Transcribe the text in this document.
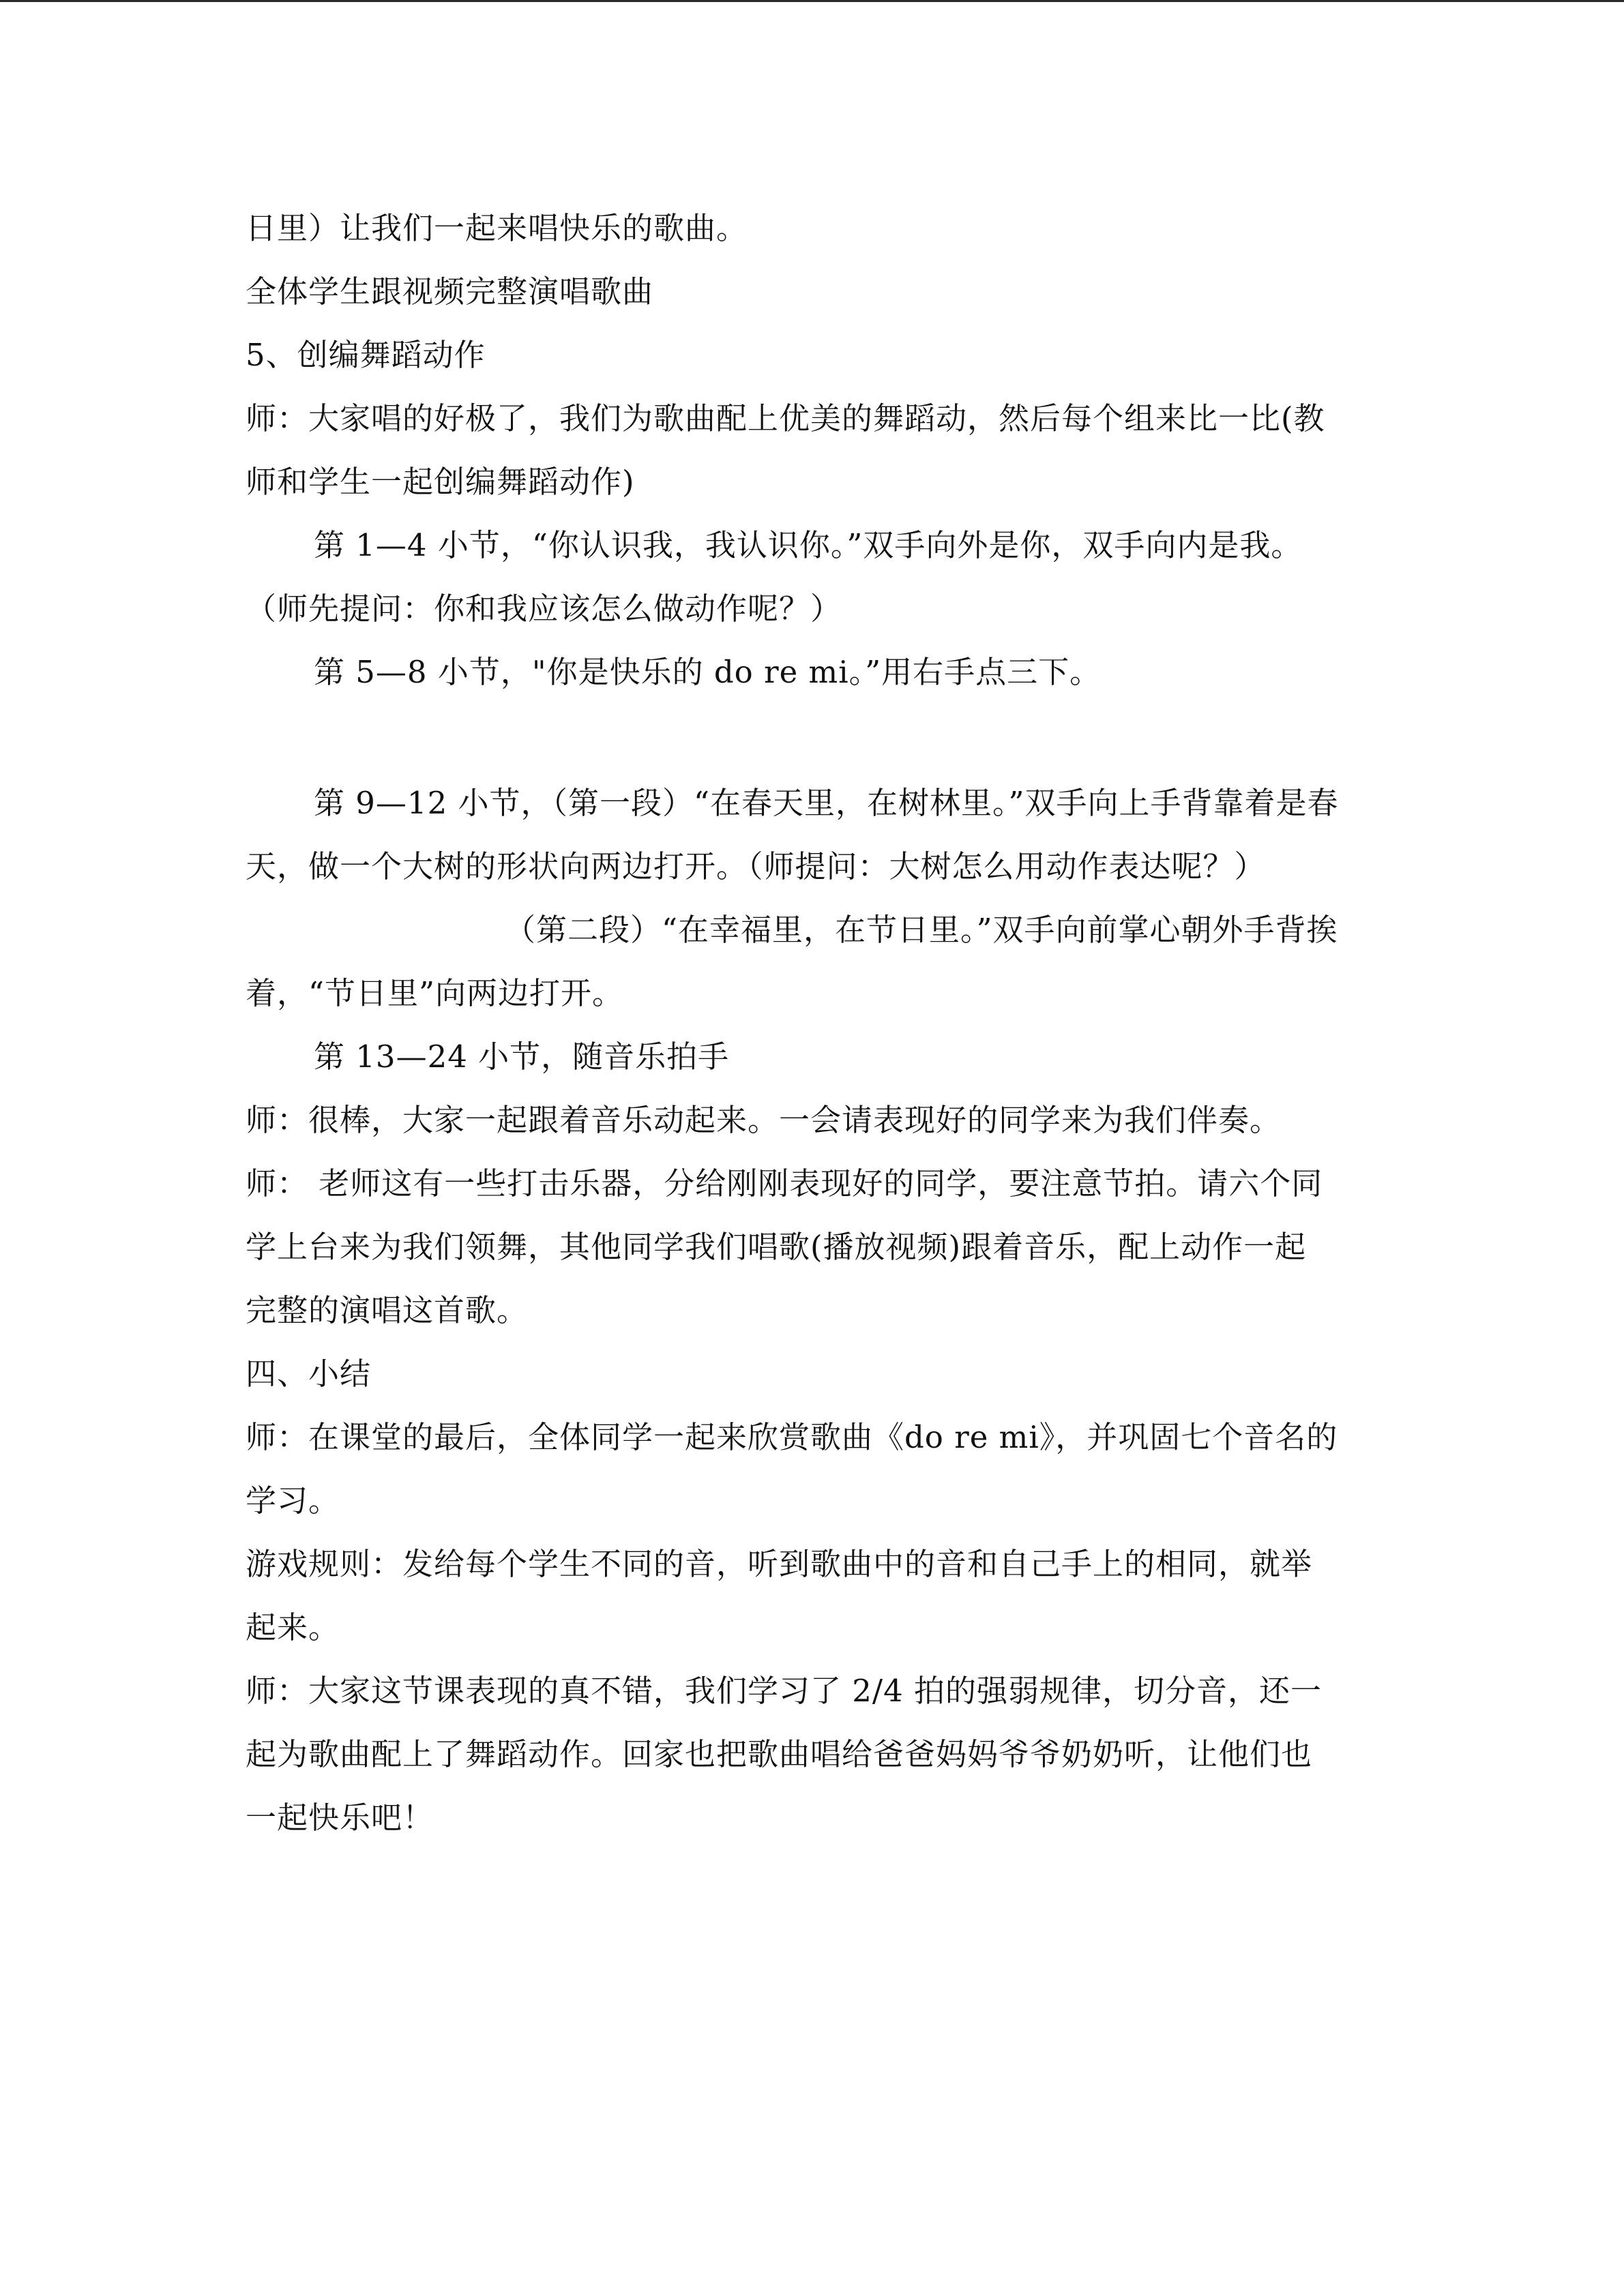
日里）让我们一起来唱快乐的歌曲。
全体学生跟视频完整演唱歌曲
5、创编舞蹈动作
师：大家唱的好极了，我们为歌曲配上优美的舞蹈动，然后每个组来比一比(教
师和学生一起创编舞蹈动作)
第 1—4 小节，“你认识我，我认识你。”双手向外是你，双手向内是我。
（师先提问：你和我应该怎么做动作呢？）
第 5—8 小节，"你是快乐的 do re mi。”用右手点三下。
第 9—12 小节，（第一段）“在春天里，在树林里。”双手向上手背靠着是春
天，做一个大树的形状向两边打开。（师提问：大树怎么用动作表达呢？）
（第二段）“在幸福里，在节日里。”双手向前掌心朝外手背挨
着，“节日里”向两边打开。
第 13—24 小节，随音乐拍手
师：很棒，大家一起跟着音乐动起来。一会请表现好的同学来为我们伴奏。
师： 老师这有一些打击乐器，分给刚刚表现好的同学，要注意节拍。请六个同
学上台来为我们领舞，其他同学我们唱歌(播放视频)跟着音乐，配上动作一起
完整的演唱这首歌。
四、小结
师：在课堂的最后，全体同学一起来欣赏歌曲《do re mi》，并巩固七个音名的
学习。
游戏规则：发给每个学生不同的音，听到歌曲中的音和自己手上的相同，就举
起来。
师：大家这节课表现的真不错，我们学习了 2/4 拍的强弱规律，切分音，还一
起为歌曲配上了舞蹈动作。回家也把歌曲唱给爸爸妈妈爷爷奶奶听，让他们也
一起快乐吧！
